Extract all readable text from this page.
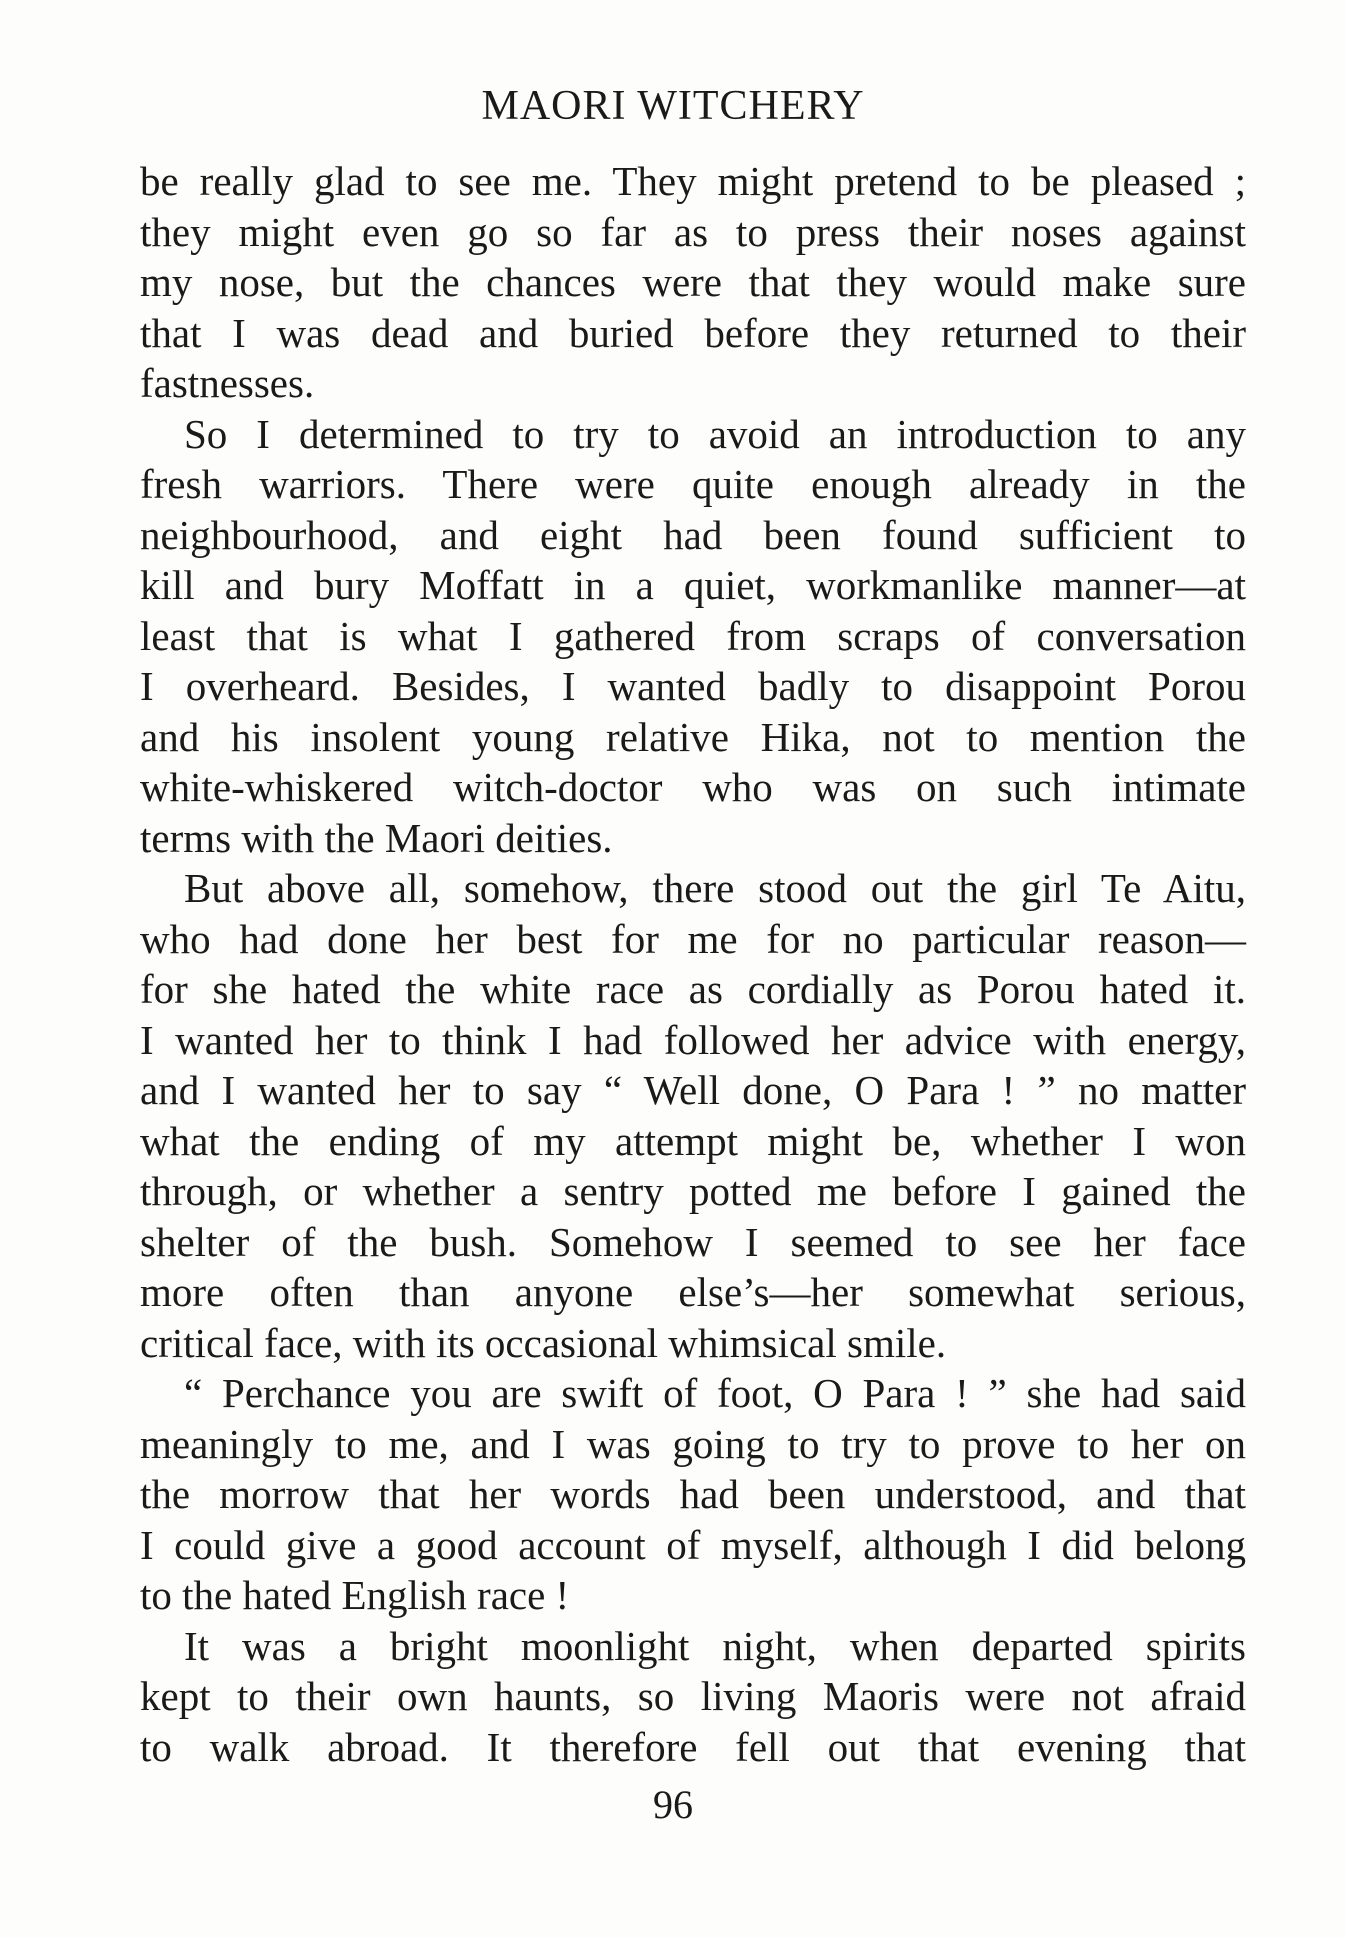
MAORI WITCHERY
be really glad to see me. They might pretend to be pleased ;
they might even go so far as to press their noses against
my nose, but the chances were that they would make sure
that I was dead and buried before they returned to their
fastnesses.
So I determined to try to avoid an introduction to any
fresh warriors. There were quite enough already in the
neighbourhood, and eight had been found sufficient to
kill and bury Moffatt in a quiet, workmanlike manner—at
least that is what I gathered from scraps of conversation
I overheard. Besides, I wanted badly to disappoint Porou
and his insolent young relative Hika, not to mention the
white-whiskered witch-doctor who was on such intimate
terms with the Maori deities.
But above all, somehow, there stood out the girl Te Aitu,
who had done her best for me for no particular reason—
for she hated the white race as cordially as Porou hated it.
I wanted her to think I had followed her advice with energy,
and I wanted her to say “ Well done, O Para ! ” no matter
what the ending of my attempt might be, whether I won
through, or whether a sentry potted me before I gained the
shelter of the bush. Somehow I seemed to see her face
more often than anyone else’s—her somewhat serious,
critical face, with its occasional whimsical smile.
“ Perchance you are swift of foot, O Para ! ” she had said
meaningly to me, and I was going to try to prove to her on
the morrow that her words had been understood, and that
I could give a good account of myself, although I did belong
to the hated English race !
It was a bright moonlight night, when departed spirits
kept to their own haunts, so living Maoris were not afraid
to walk abroad. It therefore fell out that evening that
96
